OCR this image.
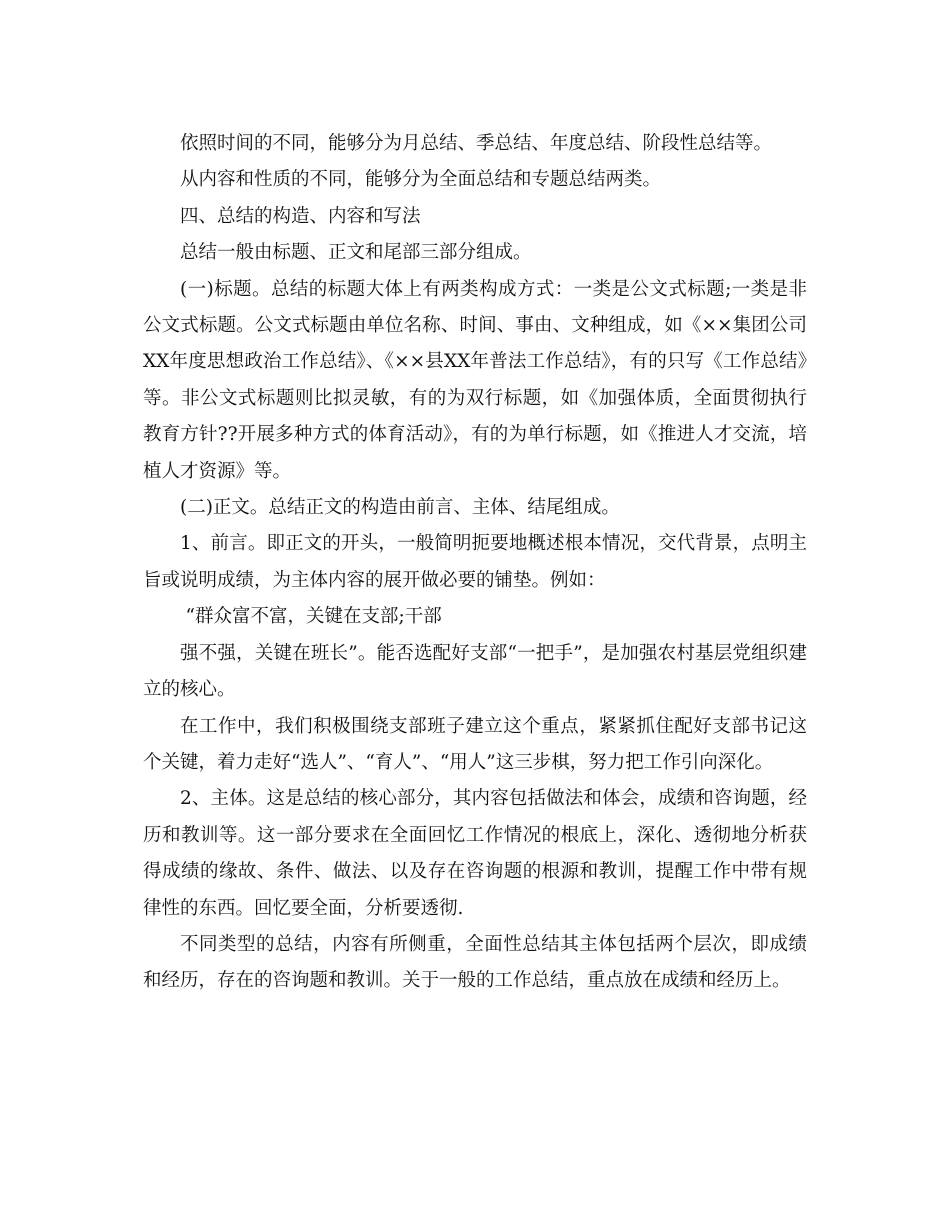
依照时间的不同，能够分为月总结、季总结、年度总结、阶段性总结等。

从内容和性质的不同，能够分为全面总结和专题总结两类。

四、总结的构造、内容和写法

总结一般由标题、正文和尾部三部分组成。

(一)标题。总结的标题大体上有两类构成方式：一类是公文式标题;一类是非公文式标题。公文式标题由单位名称、时间、事由、文种组成，如《××集团公司XX年度思想政治工作总结》、《××县XX年普法工作总结》，有的只写《工作总结》等。非公文式标题则比拟灵敏，有的为双行标题，如《加强体质，全面贯彻执行教育方针??开展多种方式的体育活动》，有的为单行标题，如《推进人才交流，培植人才资源》等。

(二)正文。总结正文的构造由前言、主体、结尾组成。

1、前言。即正文的开头，一般简明扼要地概述根本情况，交代背景，点明主旨或说明成绩，为主体内容的展开做必要的铺垫。例如：

“群众富不富，关键在支部;干部

强不强，关键在班长”。能否选配好支部“一把手”，是加强农村基层党组织建立的核心。

在工作中，我们积极围绕支部班子建立这个重点，紧紧抓住配好支部书记这个关键，着力走好“选人”、“育人”、“用人”这三步棋，努力把工作引向深化。

2、主体。这是总结的核心部分，其内容包括做法和体会，成绩和咨询题，经历和教训等。这一部分要求在全面回忆工作情况的根底上，深化、透彻地分析获得成绩的缘故、条件、做法、以及存在咨询题的根源和教训，提醒工作中带有规律性的东西。回忆要全面，分析要透彻.

不同类型的总结，内容有所侧重，全面性总结其主体包括两个层次，即成绩和经历，存在的咨询题和教训。关于一般的工作总结，重点放在成绩和经历上。
